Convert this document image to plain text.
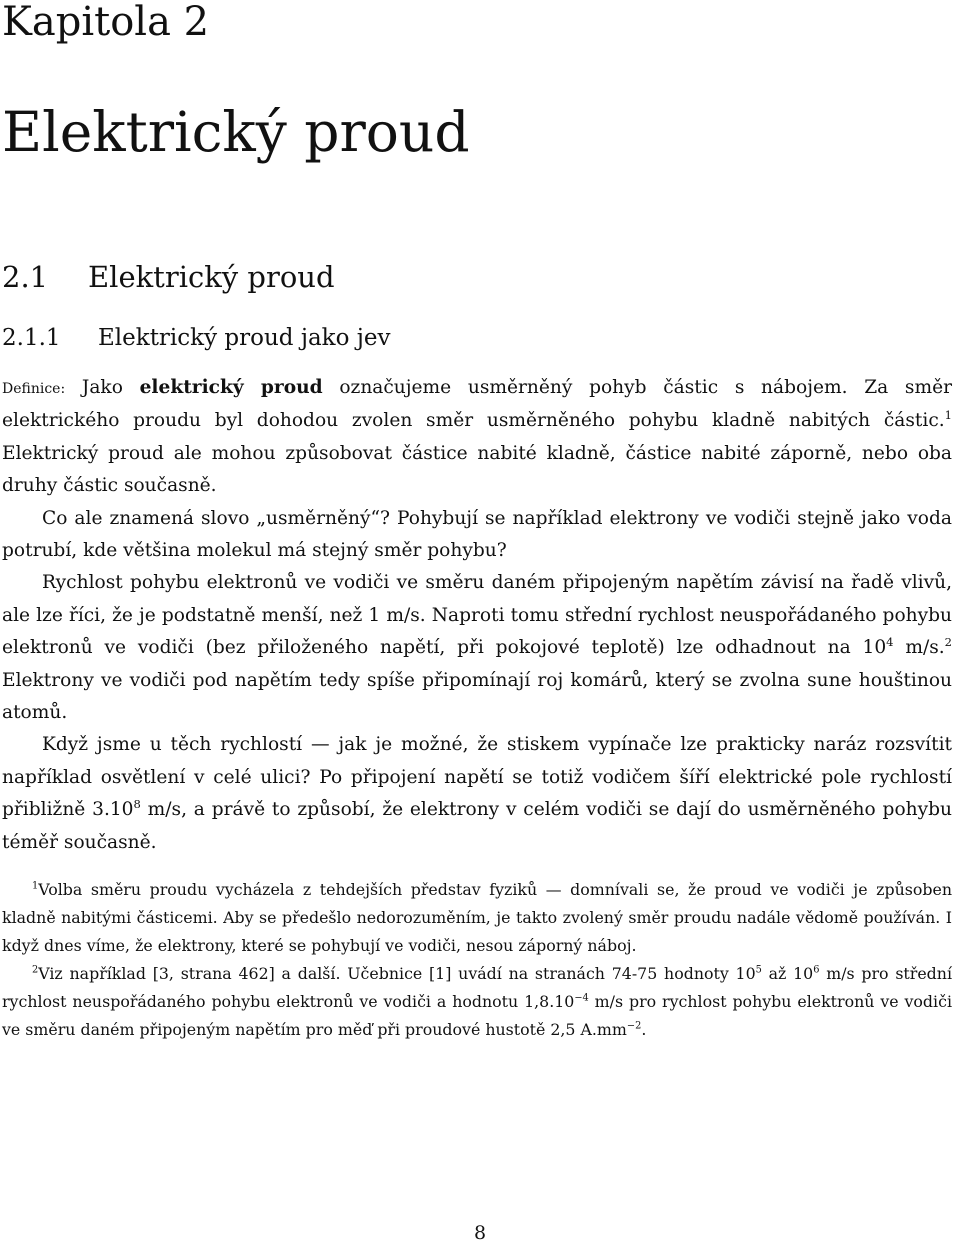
Kapitola 2
Elektrický proud
2.1 Elektrický proud
2.1.1 Elektrický proud jako jev

Definice: Jako elektrický proud označujeme usměrněný pohyb částic s nábojem. Za směr elektrického proudu byl dohodou zvolen směr usměrněného pohybu kladně nabitých částic.$^1$ Elektrický proud ale mohou způsobovat částice nabité kladně, částice nabité záporně, nebo oba druhy částic současně.

Co ale znamená slovo „usměrněný“? Pohybují se například elektrony ve vodiči stejně jako voda potrubí, kde většina molekul má stejný směr pohybu?

Rychlost pohybu elektronů ve vodiči ve směru daném připojeným napětím závisí na řadě vlivů, ale lze říci, že je podstatně menší, než 1 m/s. Naproti tomu střední rychlost neuspořádaného pohybu elektronů ve vodiči (bez přiloženého napětí, při pokojové teplotě) lze odhadnout na $10^4$ m/s.$^2$ Elektrony ve vodiči pod napětím tedy spíše připomínají roj komárů, který se zvolna sune houštinou atomů.

Když jsme u těch rychlostí — jak je možné, že stiskem vypínače lze prakticky naráz rozsvítit například osvětlení v celé ulici? Po připojení napětí se totiž vodičem šíří elektrické pole rychlostí přibližně 3.10$^8$ m/s, a právě to způsobí, že elektrony v celém vodiči se dají do usměrněného pohybu téměř současně.

$^1$Volba směru proudu vycházela z tehdejších představ fyziků — domnívali se, že proud ve vodiči je způsoben kladně nabitými částicemi. Aby se předešlo nedorozuměním, je takto zvolený směr proudu nadále vědomě používán. I když dnes víme, že elektrony, které se pohybují ve vodiči, nesou záporný náboj.

$^2$Viz například [3, strana 462] a další. Učebnice [1] uvádí na stranách 74-75 hodnoty $10^5$ až $10^6$ m/s pro střední rychlost neuspořádaného pohybu elektronů ve vodiči a hodnotu $1,8.10^{-4}$ m/s pro rychlost pohybu elektronů ve vodiči ve směru daném připojeným napětím pro měď při proudové hustotě 2,5 $A.mm^{-2}$.

8
